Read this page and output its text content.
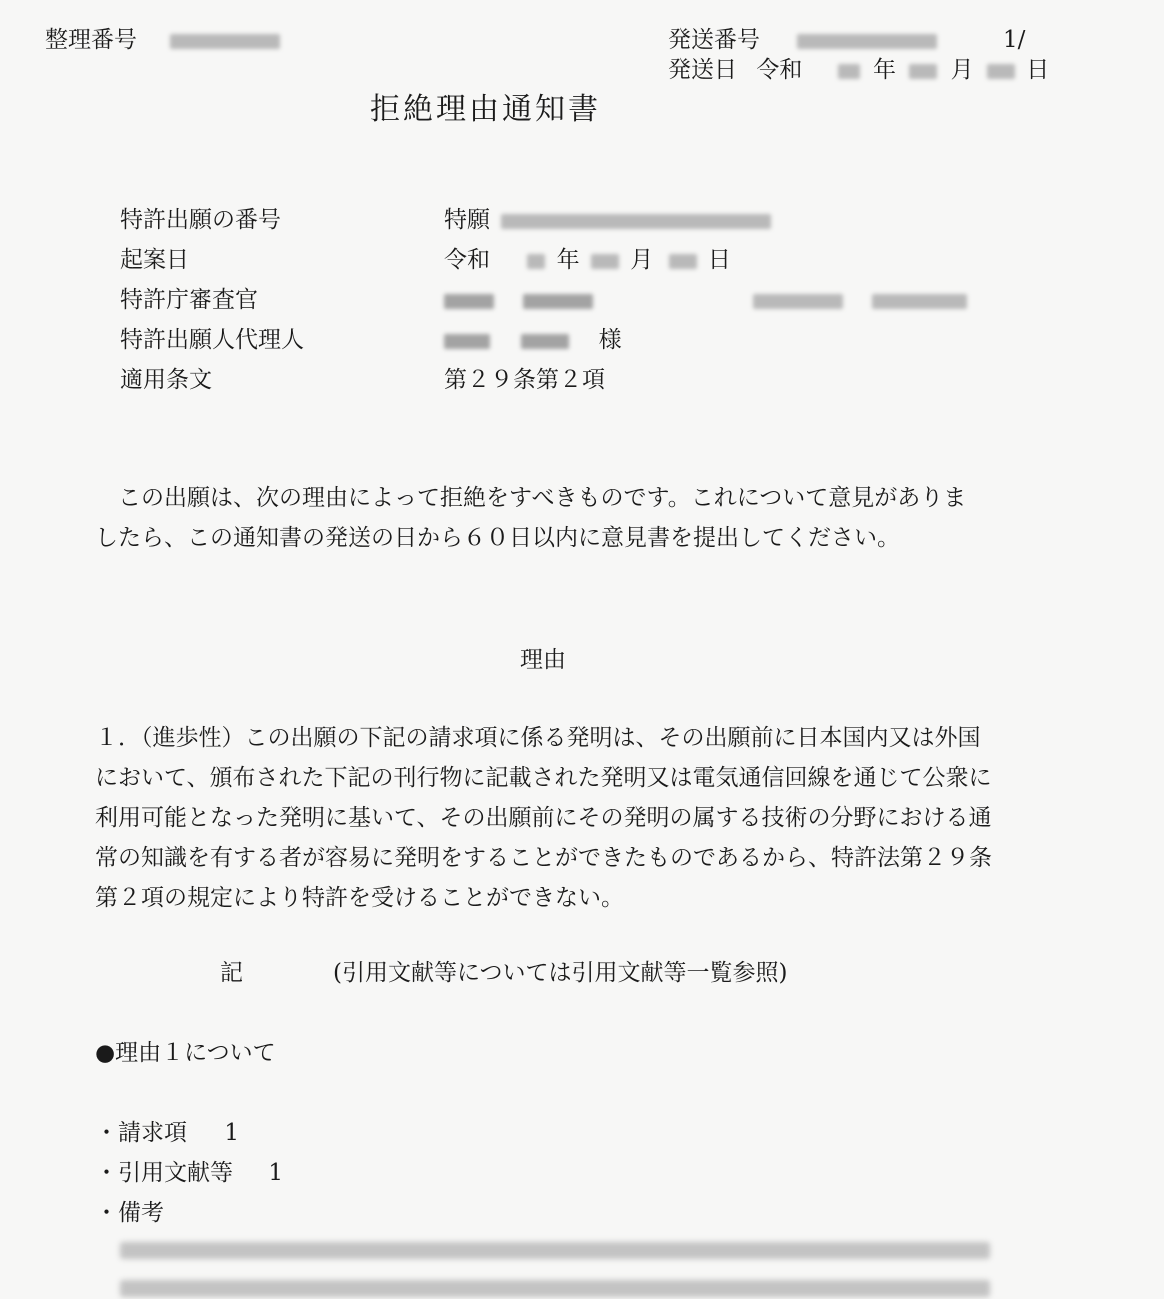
整理番号	発送番号	1/
発送日 令和	年 月 日
拒絶理由通知書
特許出願の番号	特願
起案日	令和	年 月 日
特許庁審査官

特許出願人代理人	様
適用条文	第２９条第２項
この出願は、次の理由によって拒絶をすべきものです。これについて意見がありましたら、この通知書の発送の日から６０日以内に意見書を提出してください。
理由
１．（進歩性）この出願の下記の請求項に係る発明は、その出願前に日本国内又は外国において、頒布された下記の刊行物に記載された発明又は電気通信回線を通じて公衆に利用可能となった発明に基いて、その出願前にその発明の属する技術の分野における通常の知識を有する者が容易に発明をすることができたものであるから、特許法第２９条第２項の規定により特許を受けることができない。
記	(引用文献等については引用文献等一覧参照)
●理由１について
・請求項 1
・引用文献等 1
・備考
